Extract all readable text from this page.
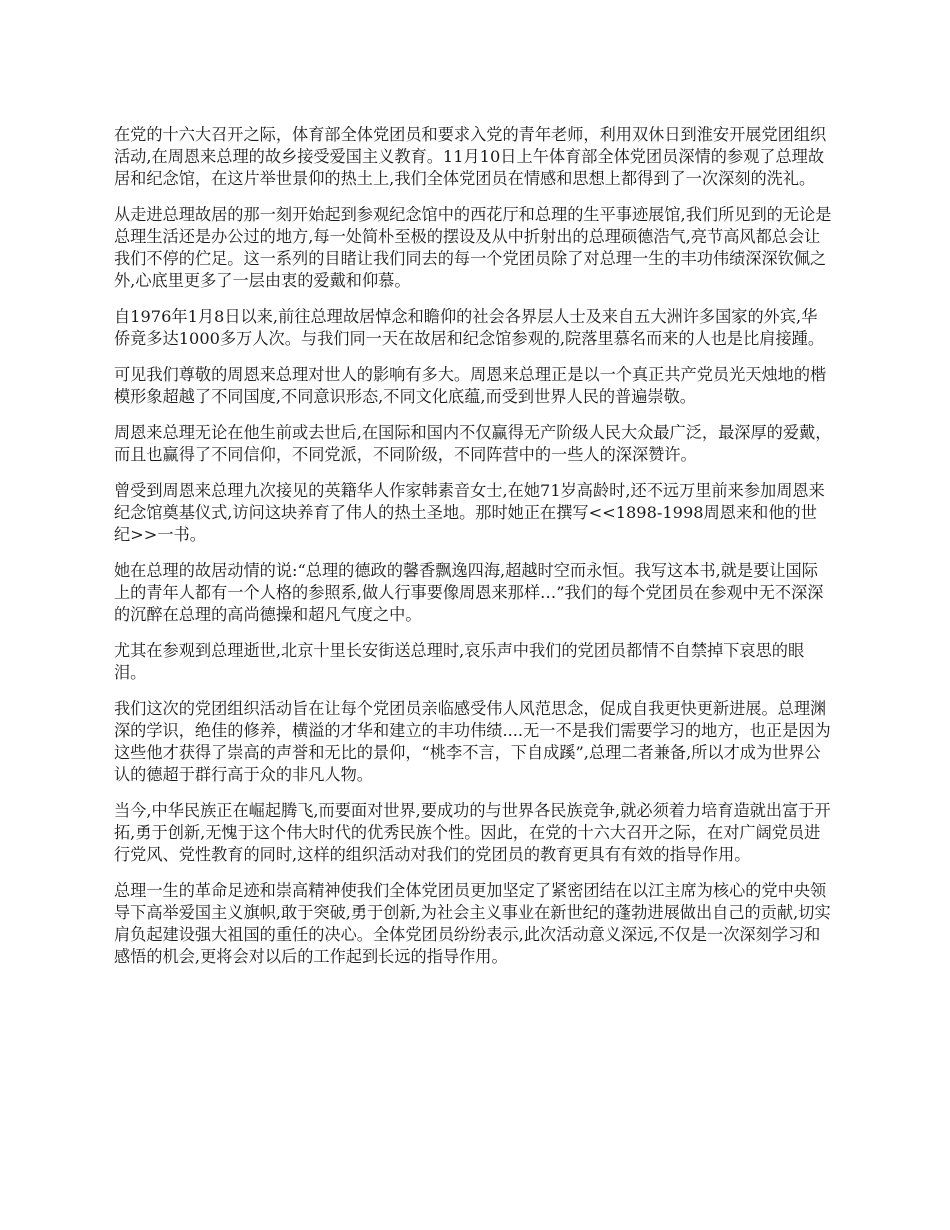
在党的十六大召开之际，体育部全体党团员和要求入党的青年老师，利用双休日到淮安开展党团组织活动,在周恩来总理的故乡接受爱国主义教育。11月10日上午体育部全体党团员深情的参观了总理故居和纪念馆，在这片举世景仰的热土上,我们全体党团员在情感和思想上都得到了一次深刻的洗礼。

从走进总理故居的那一刻开始起到参观纪念馆中的西花厅和总理的生平事迹展馆,我们所见到的无论是总理生活还是办公过的地方,每一处简朴至极的摆设及从中折射出的总理硕德浩气,亮节高风都总会让我们不停的伫足。这一系列的目睹让我们同去的每一个党团员除了对总理一生的丰功伟绩深深钦佩之外,心底里更多了一层由衷的爱戴和仰慕。

自1976年1月8日以来,前往总理故居悼念和瞻仰的社会各界层人士及来自五大洲许多国家的外宾,华侨竟多达1000多万人次。与我们同一天在故居和纪念馆参观的,院落里慕名而来的人也是比肩接踵。

可见我们尊敬的周恩来总理对世人的影响有多大。周恩来总理正是以一个真正共产党员光天烛地的楷模形象超越了不同国度,不同意识形态,不同文化底蕴,而受到世界人民的普遍崇敬。

周恩来总理无论在他生前或去世后,在国际和国内不仅赢得无产阶级人民大众最广泛，最深厚的爱戴，而且也赢得了不同信仰，不同党派，不同阶级，不同阵营中的一些人的深深赞许。

曾受到周恩来总理九次接见的英籍华人作家韩素音女士,在她71岁高龄时,还不远万里前来参加周恩来纪念馆奠基仪式,访问这块养育了伟人的热土圣地。那时她正在撰写<<1898-1998周恩来和他的世纪>>一书。

她在总理的故居动情的说:“总理的德政的馨香飘逸四海,超越时空而永恒。我写这本书,就是要让国际上的青年人都有一个人格的参照系,做人行事要像周恩来那样…”我们的每个党团员在参观中无不深深的沉醉在总理的高尚德操和超凡气度之中。

尤其在参观到总理逝世,北京十里长安街送总理时,哀乐声中我们的党团员都情不自禁掉下哀思的眼泪。

我们这次的党团组织活动旨在让每个党团员亲临感受伟人风范思念，促成自我更快更新进展。总理渊深的学识，绝佳的修养，横溢的才华和建立的丰功伟绩....无一不是我们需要学习的地方，也正是因为这些他才获得了崇高的声誉和无比的景仰，“桃李不言，下自成蹊”,总理二者兼备,所以才成为世界公认的德超于群行高于众的非凡人物。

当今,中华民族正在崛起腾飞,而要面对世界,要成功的与世界各民族竞争,就必须着力培育造就出富于开拓,勇于创新,无愧于这个伟大时代的优秀民族个性。因此，在党的十六大召开之际，在对广阔党员进行党风、党性教育的同时,这样的组织活动对我们的党团员的教育更具有有效的指导作用。

总理一生的革命足迹和崇高精神使我们全体党团员更加坚定了紧密团结在以江主席为核心的党中央领导下高举爱国主义旗帜,敢于突破,勇于创新,为社会主义事业在新世纪的蓬勃进展做出自己的贡献,切实肩负起建设强大祖国的重任的决心。全体党团员纷纷表示,此次活动意义深远,不仅是一次深刻学习和感悟的机会,更将会对以后的工作起到长远的指导作用。
